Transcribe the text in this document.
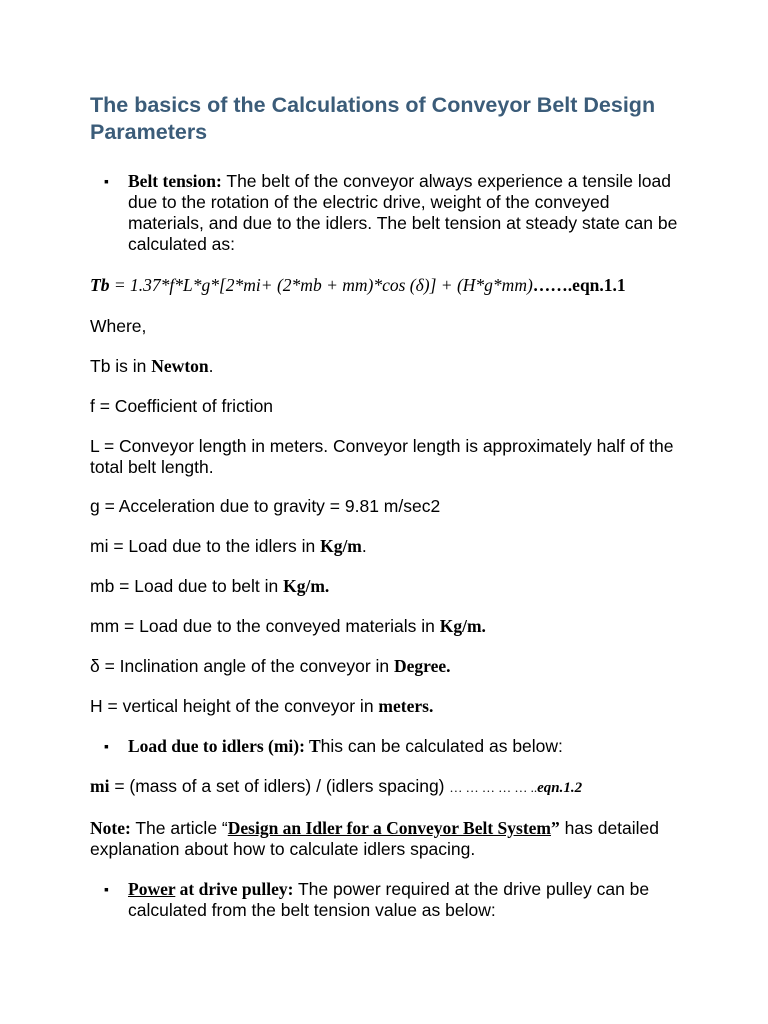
The basics of the Calculations of Conveyor Belt Design Parameters
▪ Belt tension: The belt of the conveyor always experience a tensile load due to the rotation of the electric drive, weight of the conveyed materials, and due to the idlers. The belt tension at steady state can be calculated as:

Tb = 1.37*f*L*g*[2*mi+ (2*mb + mm)*cos (δ)] + (H*g*mm)…….eqn.1.1

Where,

Tb is in Newton.

f = Coefficient of friction

L = Conveyor length in meters. Conveyor length is approximately half of the total belt length.

g = Acceleration due to gravity = 9.81 m/sec2

mi = Load due to the idlers in Kg/m.

mb = Load due to belt in Kg/m.

mm = Load due to the conveyed materials in Kg/m.

δ = Inclination angle of the conveyor in Degree.

H = vertical height of the conveyor in meters.

▪ Load due to idlers (mi): This can be calculated as below:

mi = (mass of a set of idlers) / (idlers spacing) … … … … … ..eqn.1.2

Note: The article “Design an Idler for a Conveyor Belt System” has detailed explanation about how to calculate idlers spacing.

▪ Power at drive pulley: The power required at the drive pulley can be calculated from the belt tension value as below:
